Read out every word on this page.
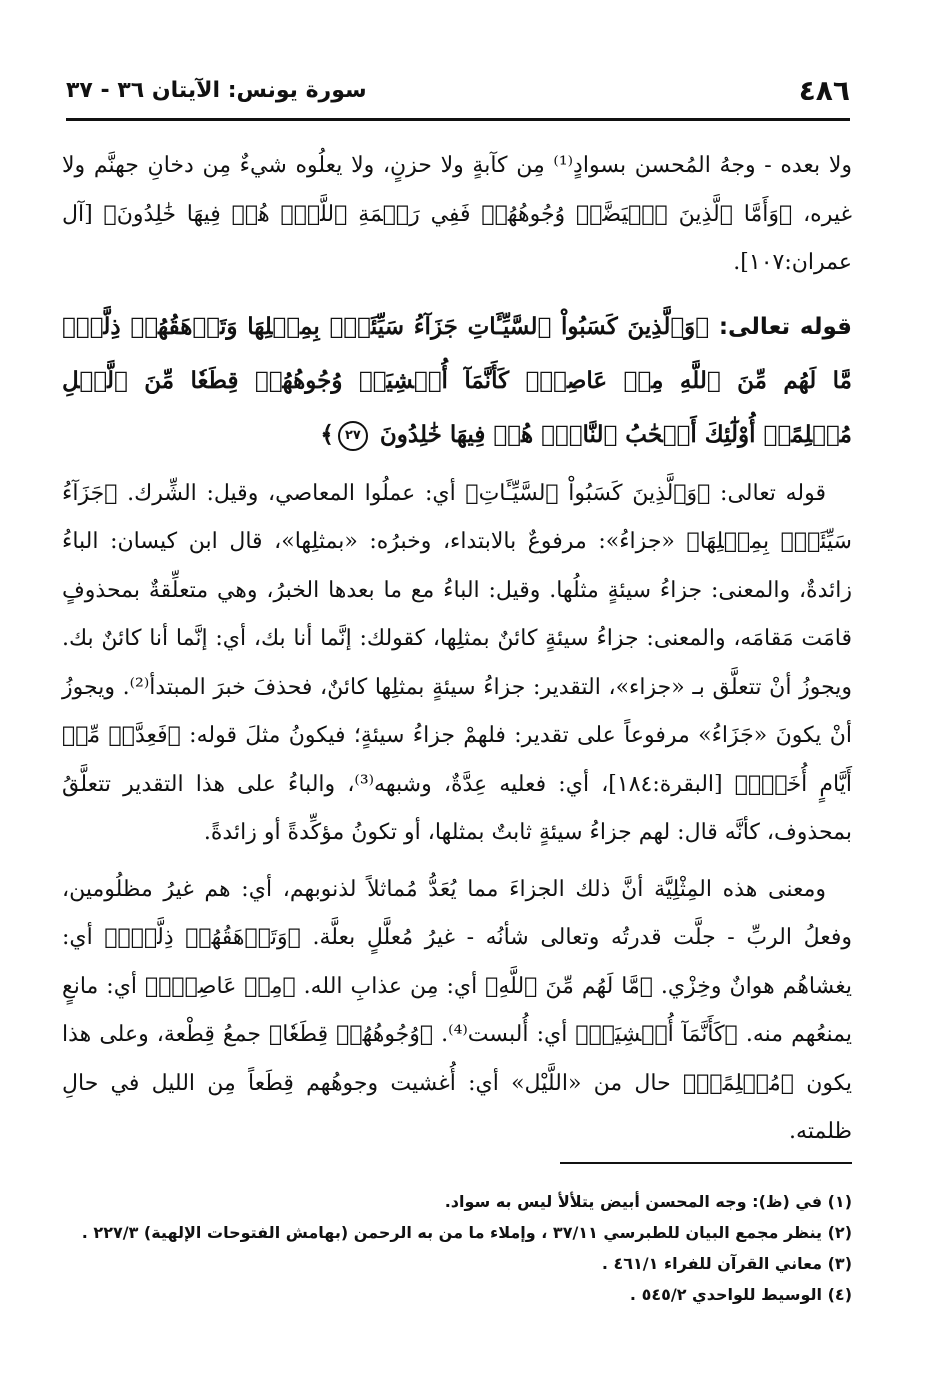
سورة يونس: الآيتان ٣٦ - ٣٧	٤٨٦

ولا بعده - وجهُ المُحسن بسوادٍ⁽¹⁾ مِن كآبةٍ ولا حزنٍ، ولا يعلُوه شيءٌ مِن دخانِ جهنَّم ولا غيره، ﴿وَأَمَّا ٱلَّذِينَ ٱبۡيَضَّتۡ وُجُوهُهُمۡ فَفِي رَحۡمَةِ ٱللَّهِۖ هُمۡ فِيهَا خَٰلِدُونَ﴾ [آل عمران:١٠٧].

قوله تعالى: ﴿وَٱلَّذِينَ كَسَبُواْ ٱلسَّيِّـَٔاتِ جَزَآءُ سَيِّئَةِۭ بِمِثۡلِهَا وَتَرۡهَقُهُمۡ ذِلَّةٞۖ مَّا لَهُم مِّنَ ٱللَّهِ مِنۡ عَاصِمٖۖ كَأَنَّمَآ أُغۡشِيَتۡ وُجُوهُهُمۡ قِطَعٗا مِّنَ ٱلَّيۡلِ مُظۡلِمًاۚ أُوْلَٰٓئِكَ أَصۡحَٰبُ ٱلنَّارِۖ هُمۡ فِيهَا خَٰلِدُونَ ٢٧﴾

قوله تعالى: ﴿وَٱلَّذِينَ كَسَبُواْ ٱلسَّيِّـَٔاتِ﴾ أي: عملُوا المعاصي، وقيل: الشِّرك. ﴿جَزَآءُ سَيِّئَةِۭ بِمِثۡلِهَا﴾ «جزاءُ»: مرفوعٌ بالابتداء، وخبرُه: «بمثلِها»، قال ابن كيسان: الباءُ زائدةٌ، والمعنى: جزاءُ سيئةٍ مثلُها. وقيل: الباءُ مع ما بعدها الخبرُ، وهي متعلِّقةٌ بمحذوفٍ قامَت مَقامَه، والمعنى: جزاءُ سيئةٍ كائنٌ بمثلِها، كقولك: إنَّما أنا بك، أي: إنَّما أنا كائنٌ بك. ويجوزُ أنْ تتعلَّق بـ «جزاء»، التقدير: جزاءُ سيئةٍ بمثلِها كائنٌ، فحذفَ خبرَ المبتدأ⁽²⁾. ويجوزُ أنْ يكونَ «جَزَاءُ» مرفوعاً على تقدير: فلهمْ جزاءُ سيئةٍ؛ فيكونُ مثلَ قوله: ﴿فَعِدَّةٞ مِّنۡ أَيَّامٍ أُخَرَۚ﴾ [البقرة:١٨٤]، أي: فعليه عِدَّةٌ، وشبهه⁽³⁾، والباءُ على هذا التقدير تتعلَّقُ بمحذوف، كأنَّه قال: لهم جزاءُ سيئةٍ ثابتٌ بمثلها، أو تكونُ مؤكِّدةً أو زائدةً.

ومعنى هذه المِثْلِيَّة أنَّ ذلك الجزاءَ مما يُعَدُّ مُماثلاً لذنوبهم، أي: هم غيرُ مظلُومين، وفعلُ الربِّ - جلَّت قدرتُه وتعالى شأنُه - غيرُ مُعلَّلٍ بعلَّة. ﴿وَتَرۡهَقُهُمۡ ذِلَّةٞۖ﴾ أي: يغشاهُم هوانٌ وخِزْي. ﴿مَّا لَهُم مِّنَ ٱللَّهِ﴾ أي: مِن عذابِ الله. ﴿مِنۡ عَاصِمٖۖ﴾ أي: مانعٍ يمنعُهم منه. ﴿كَأَنَّمَآ أُغۡشِيَتۡ﴾ أي: أُلبست⁽⁴⁾. ﴿وُجُوهُهُمۡ قِطَعٗا﴾ جمعُ قِطْعة، وعلى هذا يكون ﴿مُظۡلِمًاۚ﴾ حال من «اللَّيْل» أي: أُغشيت وجوهُهم قِطَعاً مِن الليل في حالِ ظلمته.

(١) في (ظ): وجه المحسن أبيض يتلألأ ليس به سواد.
(٢) ينظر مجمع البيان للطبرسي ٣٧/١١ ، وإملاء ما من به الرحمن (بهامش الفتوحات الإلهية) ٢٢٧/٣ .
(٣) معاني القرآن للفراء ٤٦١/١ .
(٤) الوسيط للواحدي ٥٤٥/٢ .
